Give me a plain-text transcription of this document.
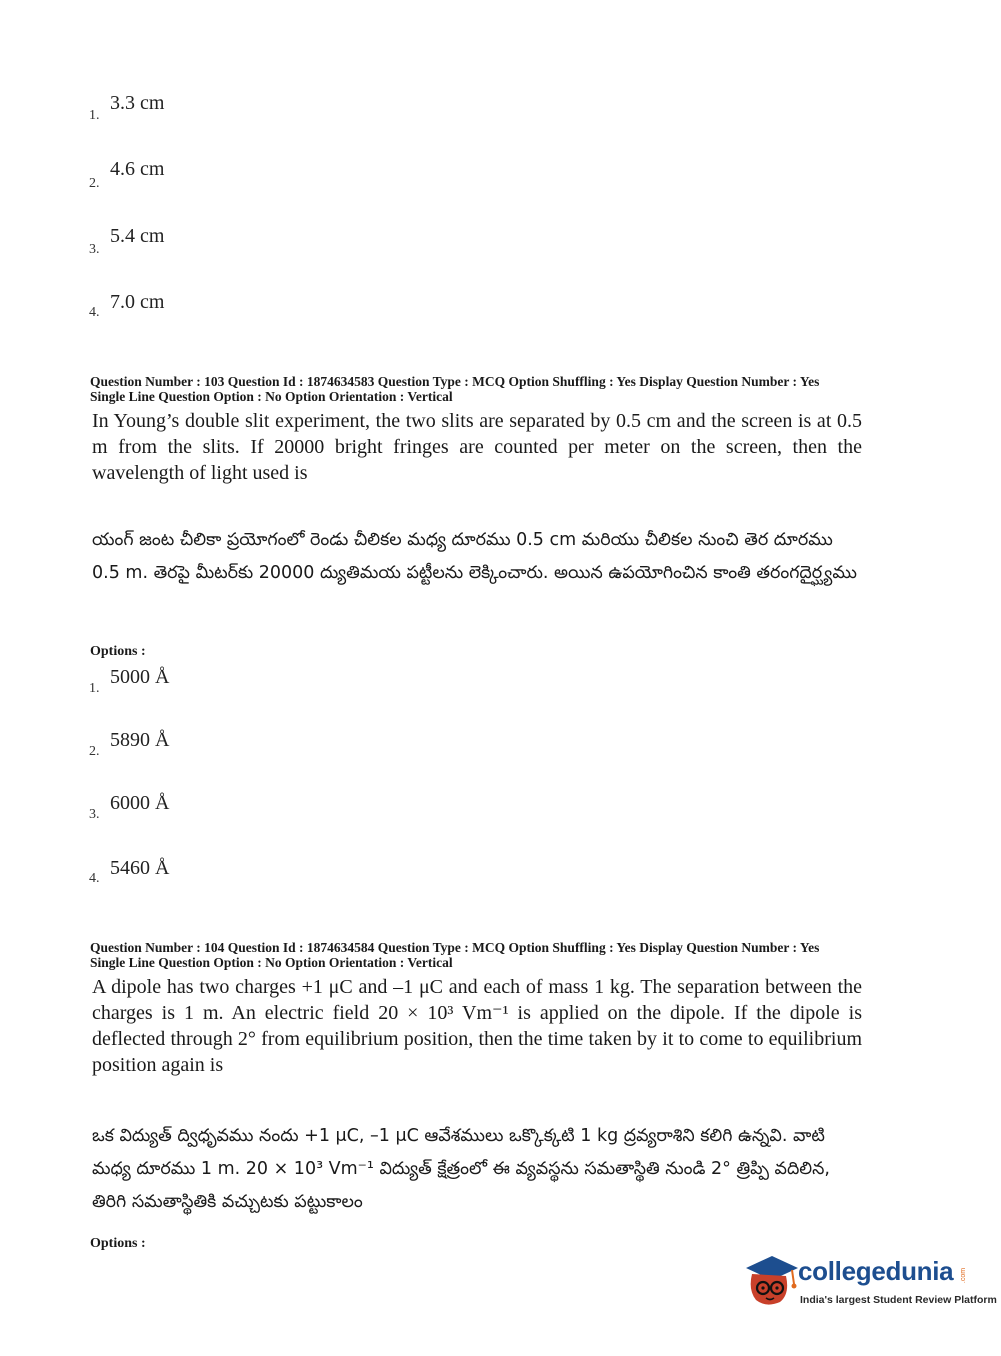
1.
3.3 cm
2.
4.6 cm
3.
5.4 cm
4. 7.0 cm
Question Number : 103 Question Id : 1874634583 Question Type : MCQ Option Shuffling : Yes Display Question Number : Yes
Single Line Question Option : No Option Orientation : Vertical
In Young’s double slit experiment, the two slits are separated by 0.5 cm and the screen is at 0.5 m from the slits. If 20000 bright fringes are counted per meter on the screen, then the wavelength of light used is
యంగ్ జంట చీలికా ప్రయోగంలో రెండు చీలికల మధ్య దూరము 0.5 cm మరియు చీలికల నుంచి తెర దూరము 0.5 m. తెరపై మీటర్‌కు 20000 ద్యుతిమయ పట్టీలను లెక్కించారు. అయిన ఉపయోగించిన కాంతి తరంగదైర్ఘ్యము
Options :
1.
5000 Å
2.
5890 Å
3.
6000 Å
4. 5460 Å
Question Number : 104 Question Id : 1874634584 Question Type : MCQ Option Shuffling : Yes Display Question Number : Yes
Single Line Question Option : No Option Orientation : Vertical
A dipole has two charges +1 μC and –1 μC and each of mass 1 kg. The separation between the charges is 1 m. An electric field 20 × 10³ Vm⁻¹ is applied on the dipole. If the dipole is deflected through 2° from equilibrium position, then the time taken by it to come to equilibrium position again is
ఒక విద్యుత్ ద్విధృవము నందు +1 μC, –1 μC ఆవేశములు ఒక్కొక్కటి 1 kg ద్రవ్యరాశిని కలిగి ఉన్నవి. వాటి మధ్య దూరము 1 m. 20 × 10³ Vm⁻¹ విద్యుత్ క్షేత్రంలో ఈ వ్యవస్థను సమతాస్థితి నుండి 2° త్రిప్పి వదిలిన, తిరిగి సమతాస్థితికి వచ్చుటకు పట్టుకాలం
Options :
collegedunia .com
India's largest Student Review Platform
